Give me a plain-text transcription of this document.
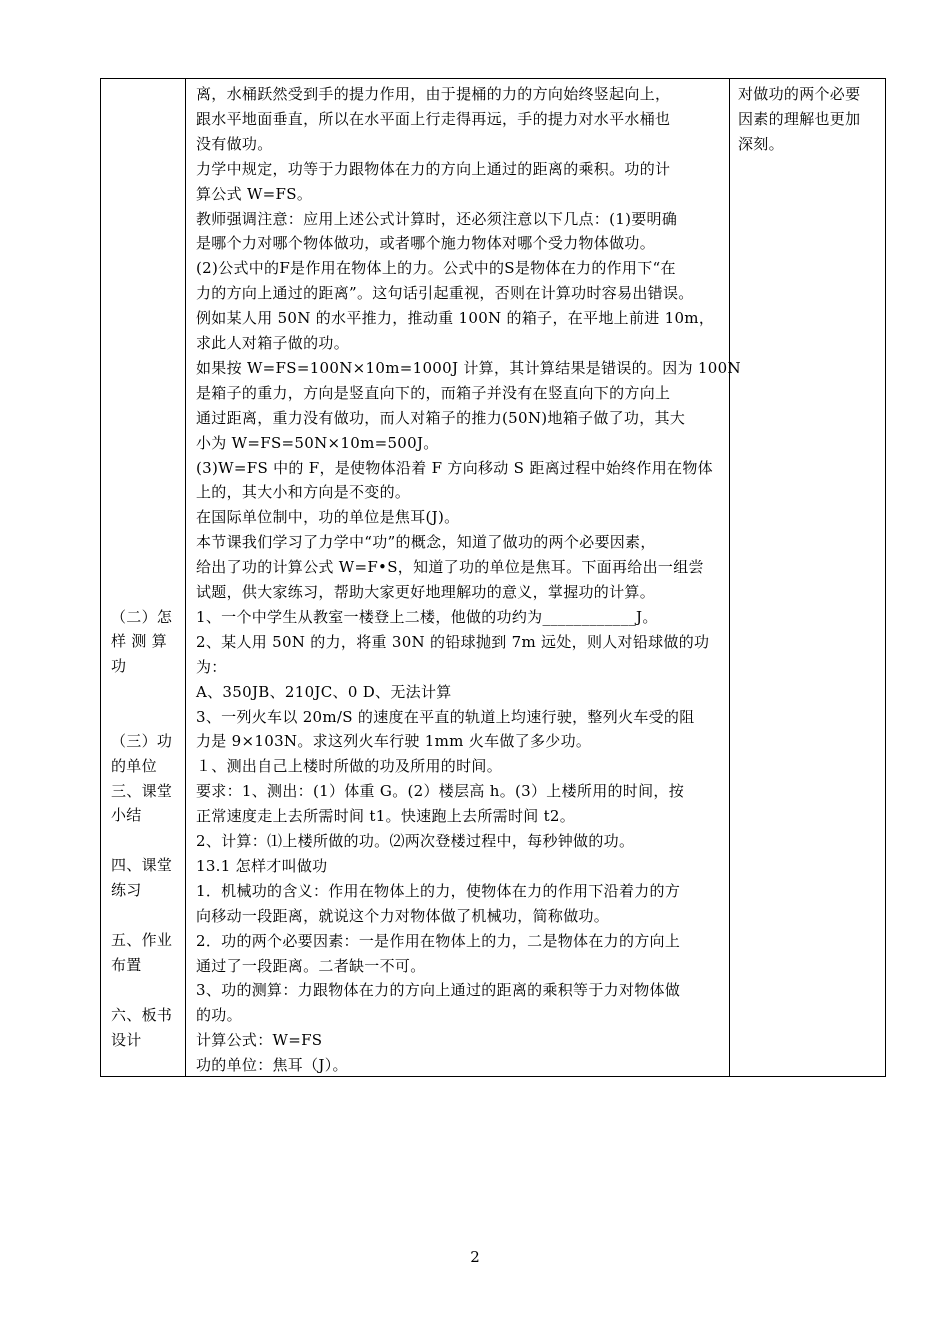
（二）怎
样 测 算
功
（三）功
的单位
三、课堂
小结
四、课堂
练习
五、作业
布置
六、板书
设计
离，水桶跃然受到手的提力作用，由于提桶的力的方向始终竖起向上，
跟水平地面垂直，所以在水平面上行走得再远，手的提力对水平水桶也
没有做功。
力学中规定，功等于力跟物体在力的方向上通过的距离的乘积。功的计
算公式 W=FS。
教师强调注意：应用上述公式计算时，还必须注意以下几点：(1)要明确
是哪个力对哪个物体做功，或者哪个施力物体对哪个受力物体做功。
(2)公式中的F是作用在物体上的力。公式中的S是物体在力的作用下“在
力的方向上通过的距离”。这句话引起重视，否则在计算功时容易出错误。
例如某人用 50N 的水平推力，推动重 100N 的箱子，在平地上前进 10m，
求此人对箱子做的功。
如果按 W=FS=100N×10m=1000J 计算，其计算结果是错误的。因为 100N
是箱子的重力，方向是竖直向下的，而箱子并没有在竖直向下的方向上
通过距离，重力没有做功，而人对箱子的推力(50N)地箱子做了功，其大
小为 W=FS=50N×10m=500J。
(3)W=FS 中的 F，是使物体沿着 F 方向移动 S 距离过程中始终作用在物体
上的，其大小和方向是不变的。
在国际单位制中，功的单位是焦耳(J)。
本节课我们学习了力学中“功”的概念，知道了做功的两个必要因素，
给出了功的计算公式 W=F•S，知道了功的单位是焦耳。下面再给出一组尝
试题，供大家练习，帮助大家更好地理解功的意义，掌握功的计算。
1、一个中学生从教室一楼登上二楼，他做的功约为____________J。
2、某人用 50N 的力，将重 30N 的铅球抛到 7m 远处，则人对铅球做的功
为：
A、350JB、210JC、0 D、无法计算
3、一列火车以 20m/S 的速度在平直的轨道上均速行驶，整列火车受的阻
力是 9×103N。求这列火车行驶 1mm 火车做了多少功。
１、测出自己上楼时所做的功及所用的时间。
要求：1、测出：(1）体重 G。(2）楼层高 h。(3）上楼所用的时间，按
正常速度走上去所需时间 t1。快速跑上去所需时间 t2。
2、计算：⑴上楼所做的功。⑵两次登楼过程中，每秒钟做的功。
13.1 怎样才叫做功
1．机械功的含义：作用在物体上的力，使物体在力的作用下沿着力的方
向移动一段距离，就说这个力对物体做了机械功，简称做功。
2．功的两个必要因素：一是作用在物体上的力，二是物体在力的方向上
通过了一段距离。二者缺一不可。
3、功的测算：力跟物体在力的方向上通过的距离的乘积等于力对物体做
的功。
计算公式：W=FS
功的单位：焦耳（J）。
对做功的两个必要
因素的理解也更加
深刻。
2
